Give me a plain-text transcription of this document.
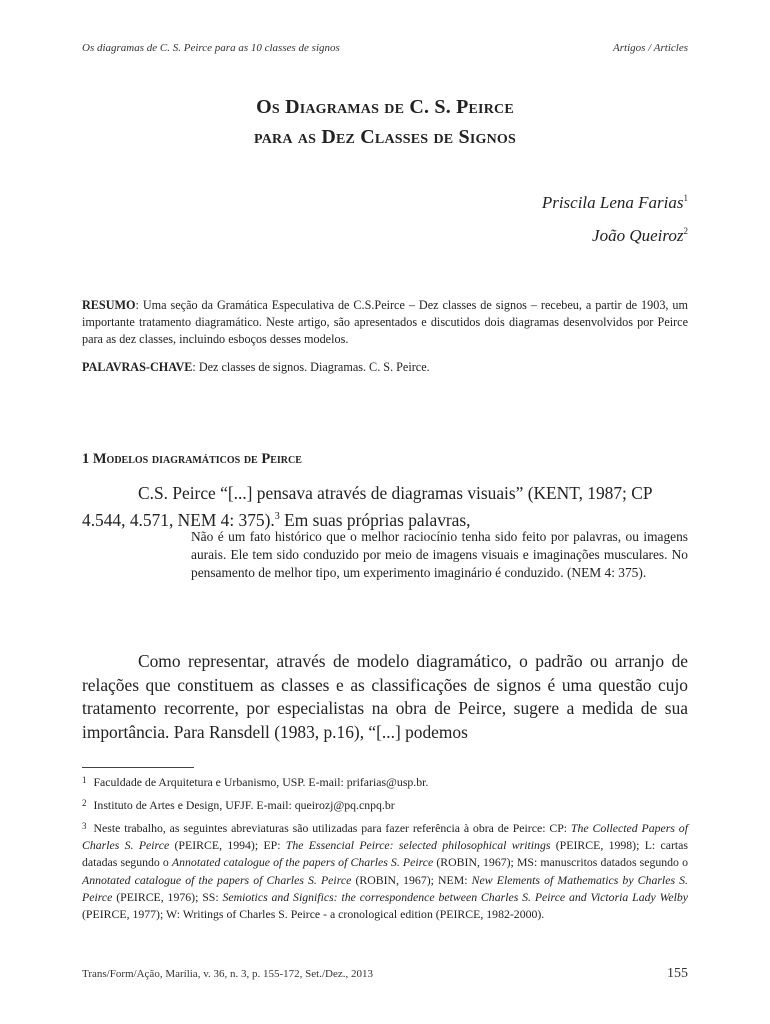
Os diagramas de C. S. Peirce para as 10 classes de signos	Artigos / Articles
Os Diagramas de C. S. Peirce
para as Dez Classes de Signos
Priscila Lena Farias$^1$
João Queiroz$^2$
RESUMO: Uma seção da Gramática Especulativa de C.S.Peirce – Dez classes de signos – recebeu, a partir de 1903, um importante tratamento diagramático. Neste artigo, são apresentados e discutidos dois diagramas desenvolvidos por Peirce para as dez classes, incluindo esboços desses modelos.
PALAVRAS-CHAVE: Dez classes de signos. Diagramas. C. S. Peirce.
1 Modelos diagramáticos de Peirce
C.S. Peirce “[...] pensava através de diagramas visuais” (KENT, 1987; CP 4.544, 4.571, NEM 4: 375).$^3$ Em suas próprias palavras,
Não é um fato histórico que o melhor raciocínio tenha sido feito por palavras, ou imagens aurais. Ele tem sido conduzido por meio de imagens visuais e imaginações musculares. No pensamento de melhor tipo, um experimento imaginário é conduzido. (NEM 4: 375).
Como representar, através de modelo diagramático, o padrão ou arranjo de relações que constituem as classes e as classificações de signos é uma questão cujo tratamento recorrente, por especialistas na obra de Peirce, sugere a medida de sua importância. Para Ransdell (1983, p.16), “[...] podemos
$^1$ Faculdade de Arquitetura e Urbanismo, USP. E-mail: prifarias@usp.br.
$^2$ Instituto de Artes e Design, UFJF. E-mail: queirozj@pq.cnpq.br
$^3$ Neste trabalho, as seguintes abreviaturas são utilizadas para fazer referência à obra de Peirce: CP: The Collected Papers of Charles S. Peirce (PEIRCE, 1994); EP: The Essencial Peirce: selected philosophical writings (PEIRCE, 1998); L: cartas datadas segundo o Annotated catalogue of the papers of Charles S. Peirce (ROBIN, 1967); MS: manuscritos datados segundo o Annotated catalogue of the papers of Charles S. Peirce (ROBIN, 1967); NEM: New Elements of Mathematics by Charles S. Peirce (PEIRCE, 1976); SS: Semiotics and Significs: the correspondence between Charles S. Peirce and Victoria Lady Welby (PEIRCE, 1977); W: Writings of Charles S. Peirce - a cronological edition (PEIRCE, 1982-2000).
Trans/Form/Ação, Marília, v. 36, n. 3, p. 155-172, Set./Dez., 2013	155
